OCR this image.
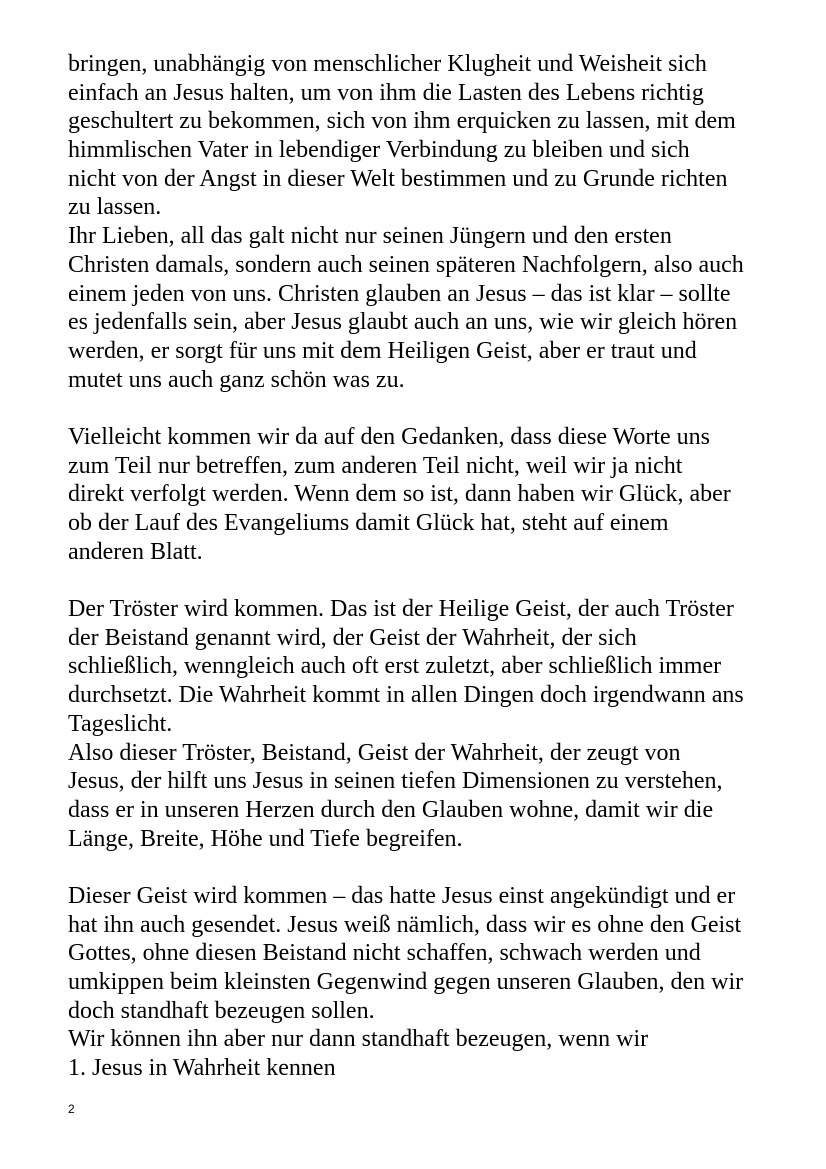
bringen, unabhängig von menschlicher Klugheit und Weisheit sich
einfach an Jesus halten, um von ihm die Lasten des Lebens richtig
geschultert zu bekommen, sich von ihm erquicken zu lassen, mit dem
himmlischen Vater in lebendiger Verbindung zu bleiben und sich
nicht von der Angst in dieser Welt bestimmen und zu Grunde richten
zu lassen.
Ihr Lieben, all das galt nicht nur seinen Jüngern und den ersten
Christen damals, sondern auch seinen späteren Nachfolgern, also auch
einem jeden von uns. Christen glauben an Jesus – das ist klar – sollte
es jedenfalls sein, aber Jesus glaubt auch an uns, wie wir gleich hören
werden, er sorgt für uns mit dem Heiligen Geist, aber er traut und
mutet uns auch ganz schön was zu.
Vielleicht kommen wir da auf den Gedanken, dass diese Worte uns
zum Teil nur betreffen, zum anderen Teil nicht, weil wir ja nicht
direkt verfolgt werden. Wenn dem so ist, dann haben wir Glück, aber
ob der Lauf des Evangeliums damit Glück hat, steht auf einem
anderen Blatt.
Der Tröster wird kommen. Das ist der Heilige Geist, der auch Tröster
der Beistand genannt wird, der Geist der Wahrheit, der sich
schließlich, wenngleich auch oft erst zuletzt, aber schließlich immer
durchsetzt. Die Wahrheit kommt in allen Dingen doch irgendwann ans
Tageslicht.
Also dieser Tröster, Beistand, Geist der Wahrheit, der zeugt von
Jesus, der hilft uns Jesus in seinen tiefen Dimensionen zu verstehen,
dass er in unseren Herzen durch den Glauben wohne, damit wir die
Länge, Breite, Höhe und Tiefe begreifen.
Dieser Geist wird kommen – das hatte Jesus einst angekündigt und er
hat ihn auch gesendet. Jesus weiß nämlich, dass wir es ohne den Geist
Gottes, ohne diesen Beistand nicht schaffen, schwach werden und
umkippen beim kleinsten Gegenwind gegen unseren Glauben, den wir
doch standhaft bezeugen sollen.
Wir können ihn aber nur dann standhaft bezeugen, wenn wir
1. Jesus in Wahrheit kennen
2
